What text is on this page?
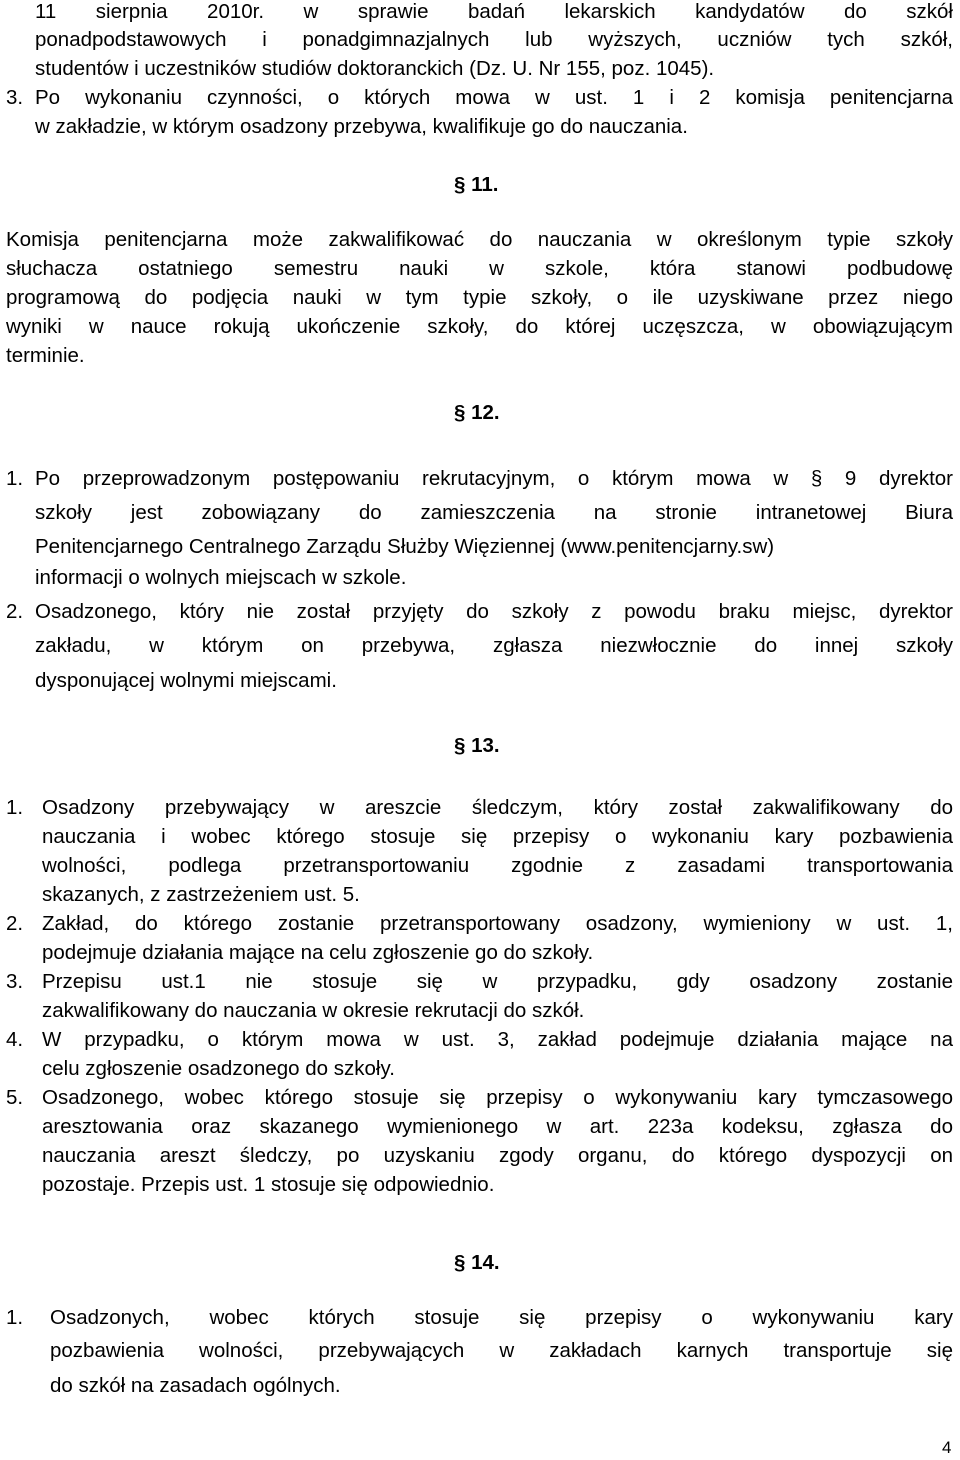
11 sierpnia 2010r. w sprawie badań lekarskich kandydatów do szkół
ponadpodstawowych i ponadgimnazjalnych lub wyższych, uczniów tych szkół,
studentów i uczestników studiów doktoranckich (Dz. U. Nr 155, poz. 1045).
3. Po wykonaniu czynności, o których mowa w ust. 1 i 2 komisja penitencjarna
w zakładzie, w którym osadzony przebywa, kwalifikuje go do nauczania.
§ 11.
Komisja penitencjarna może zakwalifikować do nauczania w określonym typie szkoły
słuchacza ostatniego semestru nauki w szkole, która stanowi podbudowę
programową do podjęcia nauki w tym typie szkoły, o ile uzyskiwane przez niego
wyniki w nauce rokują ukończenie szkoły, do której uczęszcza, w obowiązującym
terminie.
§ 12.
1. Po przeprowadzonym postępowaniu rekrutacyjnym, o którym mowa w § 9 dyrektor
szkoły jest zobowiązany do zamieszczenia na stronie intranetowej Biura
Penitencjarnego Centralnego Zarządu Służby Więziennej (www.penitencjarny.sw)
informacji o wolnych miejscach w szkole.
2. Osadzonego, który nie został przyjęty do szkoły z powodu braku miejsc, dyrektor
zakładu, w którym on przebywa, zgłasza niezwłocznie do innej szkoły
dysponującej wolnymi miejscami.
§ 13.
1. Osadzony przebywający w areszcie śledczym, który został zakwalifikowany do
nauczania i wobec którego stosuje się przepisy o wykonaniu kary pozbawienia
wolności, podlega przetransportowaniu zgodnie z zasadami transportowania
skazanych, z zastrzeżeniem ust. 5.
2. Zakład, do którego zostanie przetransportowany osadzony, wymieniony w ust. 1,
podejmuje działania mające na celu zgłoszenie go do szkoły.
3. Przepisu ust.1 nie stosuje się w przypadku, gdy osadzony zostanie
zakwalifikowany do nauczania w okresie rekrutacji do szkół.
4. W przypadku, o którym mowa w ust. 3, zakład podejmuje działania mające na
celu zgłoszenie osadzonego do szkoły.
5. Osadzonego, wobec którego stosuje się przepisy o wykonywaniu kary tymczasowego
aresztowania oraz skazanego wymienionego w art. 223a kodeksu, zgłasza do
nauczania areszt śledczy, po uzyskaniu zgody organu, do którego dyspozycji on
pozostaje. Przepis ust. 1 stosuje się odpowiednio.
§ 14.
1. Osadzonych, wobec których stosuje się przepisy o wykonywaniu kary
pozbawienia wolności, przebywających w zakładach karnych transportuje się
do szkół na zasadach ogólnych.
4
